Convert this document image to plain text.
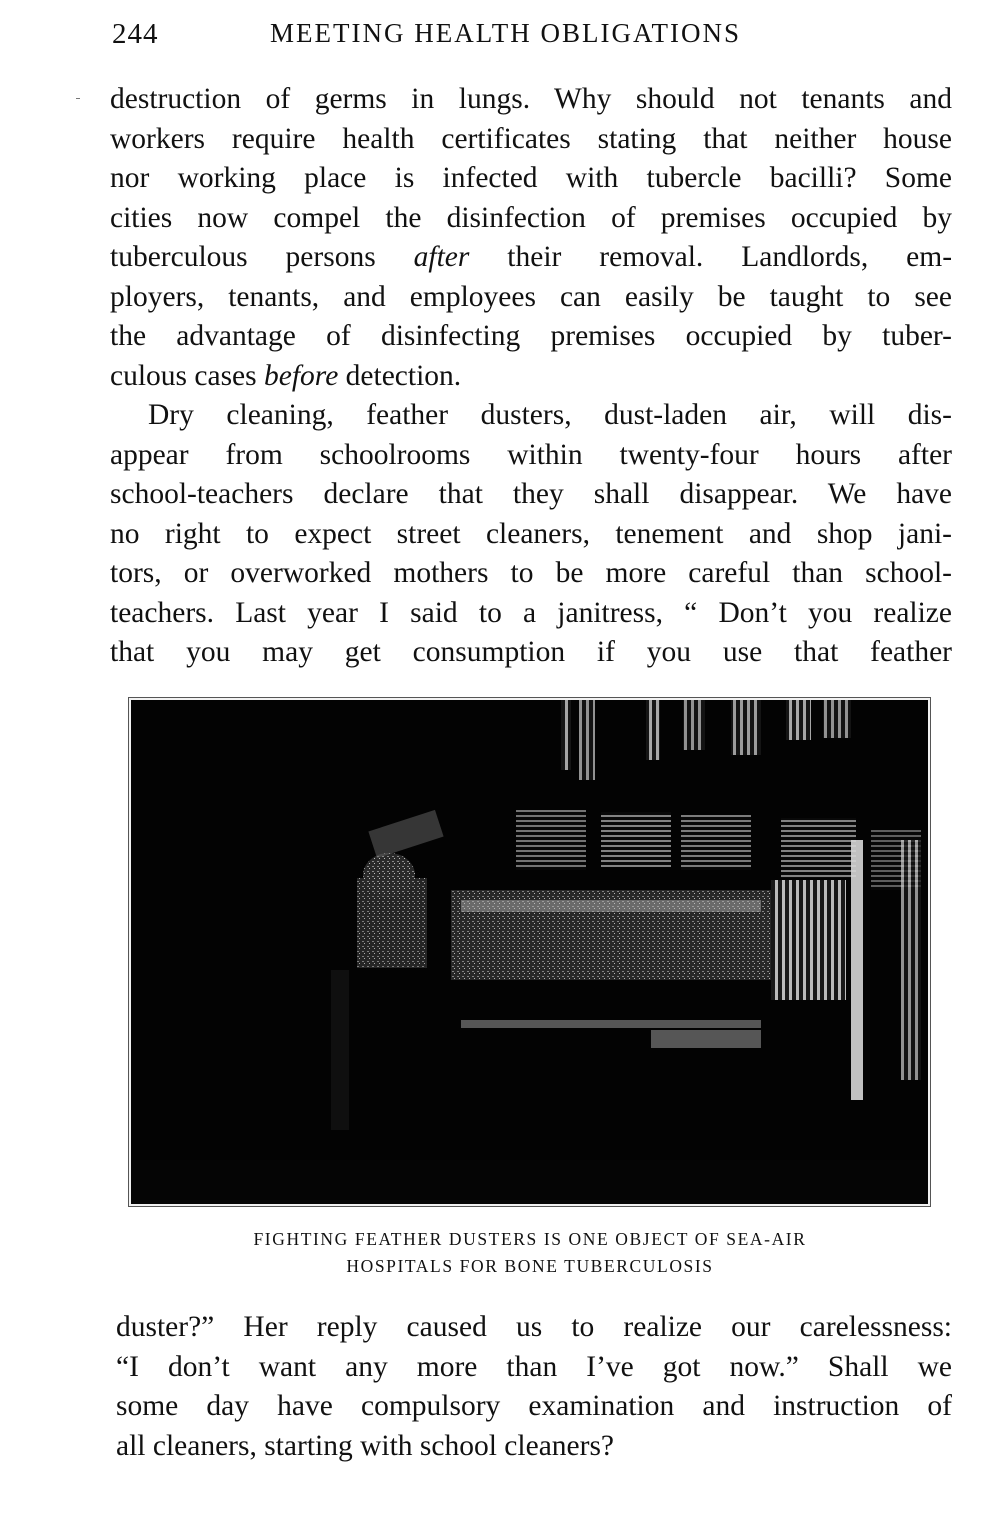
244	MEETING HEALTH OBLIGATIONS

destruction of germs in lungs. Why should not tenants and
workers require health certificates stating that neither house
nor working place is infected with tubercle bacilli? Some
cities now compel the disinfection of premises occupied by
tuberculous persons after their removal. Landlords, em-
ployers, tenants, and employees can easily be taught to see
the advantage of disinfecting premises occupied by tuber-
culous cases before detection.

Dry cleaning, feather dusters, dust-laden air, will dis-
appear from schoolrooms within twenty-four hours after
school-teachers declare that they shall disappear. We have
no right to expect street cleaners, tenement and shop jani-
tors, or overworked mothers to be more careful than school-
teachers. Last year I said to a janitress, “ Don’t you realize
that you may get consumption if you use that feather

FIGHTING FEATHER DUSTERS IS ONE OBJECT OF SEA-AIR
HOSPITALS FOR BONE TUBERCULOSIS

duster?” Her reply caused us to realize our carelessness:
“I don’t want any more than I’ve got now.” Shall we
some day have compulsory examination and instruction of
all cleaners, starting with school cleaners?
